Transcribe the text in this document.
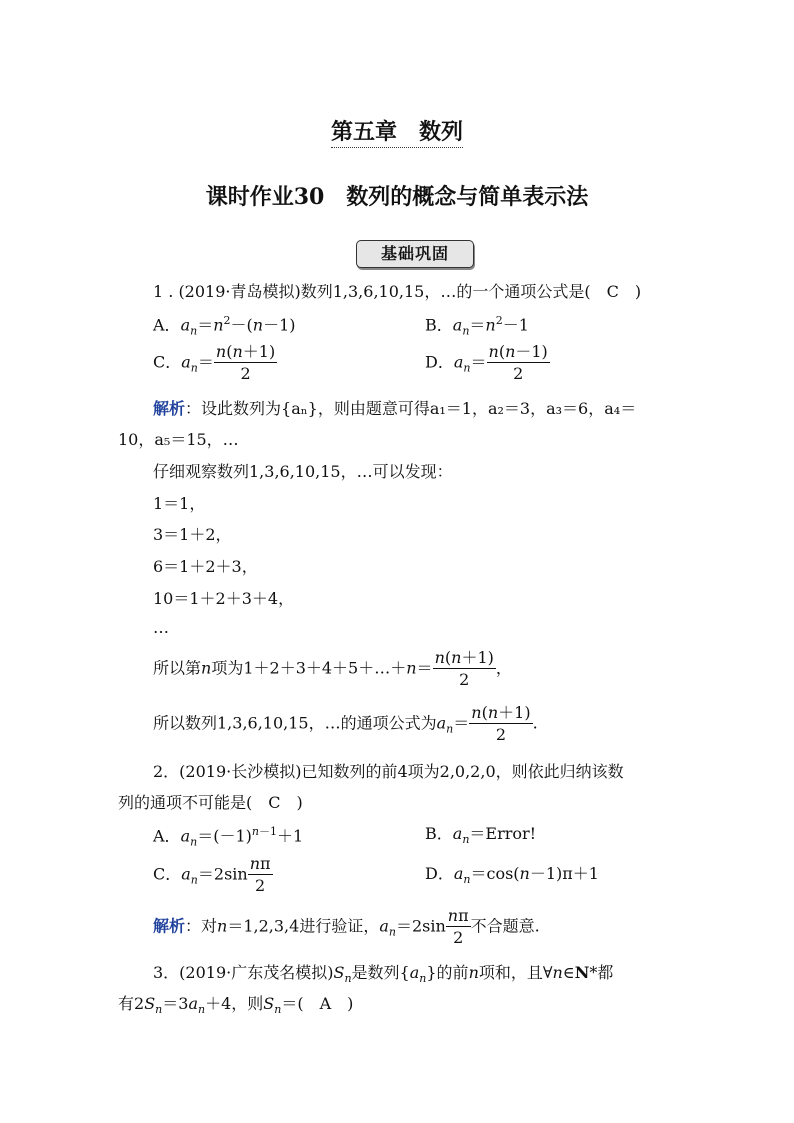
第五章　数列
课时作业30　数列的概念与简单表示法
基础巩固
1 . (2019·青岛模拟)数列1,3,6,10,15，…的一个通项公式是(　C　)
A．$a_n=n^2-(n-1)$	B．$a_n=n^2-1$
C．$a_n= \frac{n(n+1)}{2}$	D．$a_n= \frac{n(n-1)}{2}$
解析：设此数列为{aₙ}，则由题意可得a₁＝1，a₂＝3，a₃＝6，a₄＝
10，a₅＝15，…
仔细观察数列1,3,6,10,15，…可以发现：
1＝1，
3＝1＋2，
6＝1＋2＋3，
10＝1＋2＋3＋4，
…
所以第n项为1＋2＋3＋4＋5＋…＋n＝ $\frac{n(n+1)}{2}$ ，
所以数列1,3,6,10,15，…的通项公式为$a_n= \frac{n(n+1)}{2}$ .
2．(2019·长沙模拟)已知数列的前4项为2,0,2,0，则依此归纳该数
列的通项不可能是(　C　)
A．$a_n=(-1)^{n-1}+1$	B．$a_n=Error$!
C．$a_n=2\sin \frac{n\pi}{2}$	D．$a_n=\cos(n-1)\pi+1$
解析：对n＝1,2,3,4进行验证，$a_n=2\sin \frac{n\pi}{2}$ 不合题意.
3．(2019·广东茂名模拟)$S_n$是数列$\{a_n\}$的前n项和，且∀n∈N*都
有$2S_n=3a_n+4$，则$S_n=$(　A　)
